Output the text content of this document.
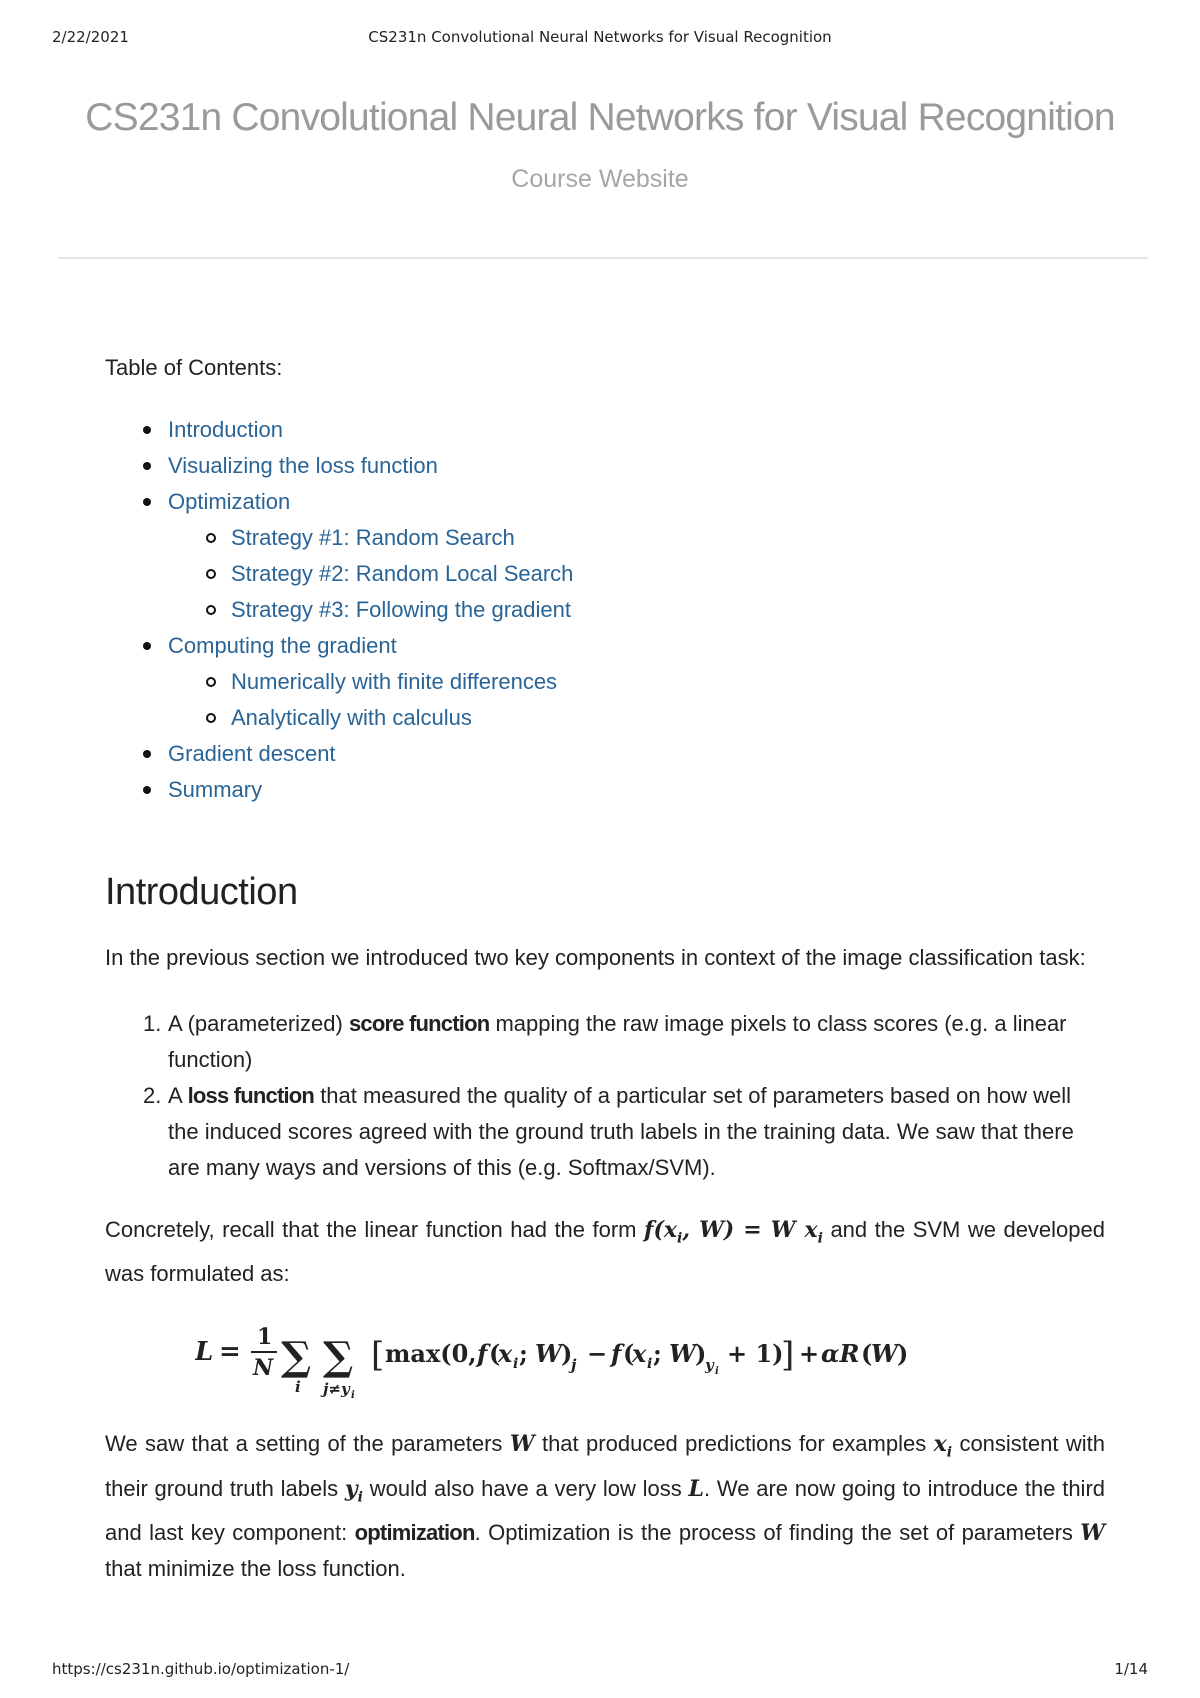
2/22/2021	CS231n Convolutional Neural Networks for Visual Recognition
CS231n Convolutional Neural Networks for Visual Recognition
Course Website
Table of Contents:
Introduction
Visualizing the loss function
Optimization
Strategy #1: Random Search
Strategy #2: Random Local Search
Strategy #3: Following the gradient
Computing the gradient
Numerically with finite differences
Analytically with calculus
Gradient descent
Summary
Introduction

In the previous section we introduced two key components in context of the image classification task:

1. A (parameterized) score function mapping the raw image pixels to class scores (e.g. a linear function)
2. A loss function that measured the quality of a particular set of parameters based on how well the induced scores agreed with the ground truth labels in the training data. We saw that there are many ways and versions of this (e.g. Softmax/SVM).

Concretely, recall that the linear function had the form $f(x_i$, W) = W $x_i$ and the SVM we developed was formulated as:

L = 1
N ∑
i
∑
j≠y i
[ max(0, f (
x i ; W )
j − f (
x i ; W )
y i
+ 1)
] + αR (
W )

We saw that a setting of the parameters W that produced predictions for examples $x_i$ consistent with their ground truth labels $y_i$ would also have a very low loss L. We are now going to introduce the third and last key component: optimization. Optimization is the process of finding the set of parameters W that minimize the loss function.

https://cs231n.github.io/optimization-1/	1/14
